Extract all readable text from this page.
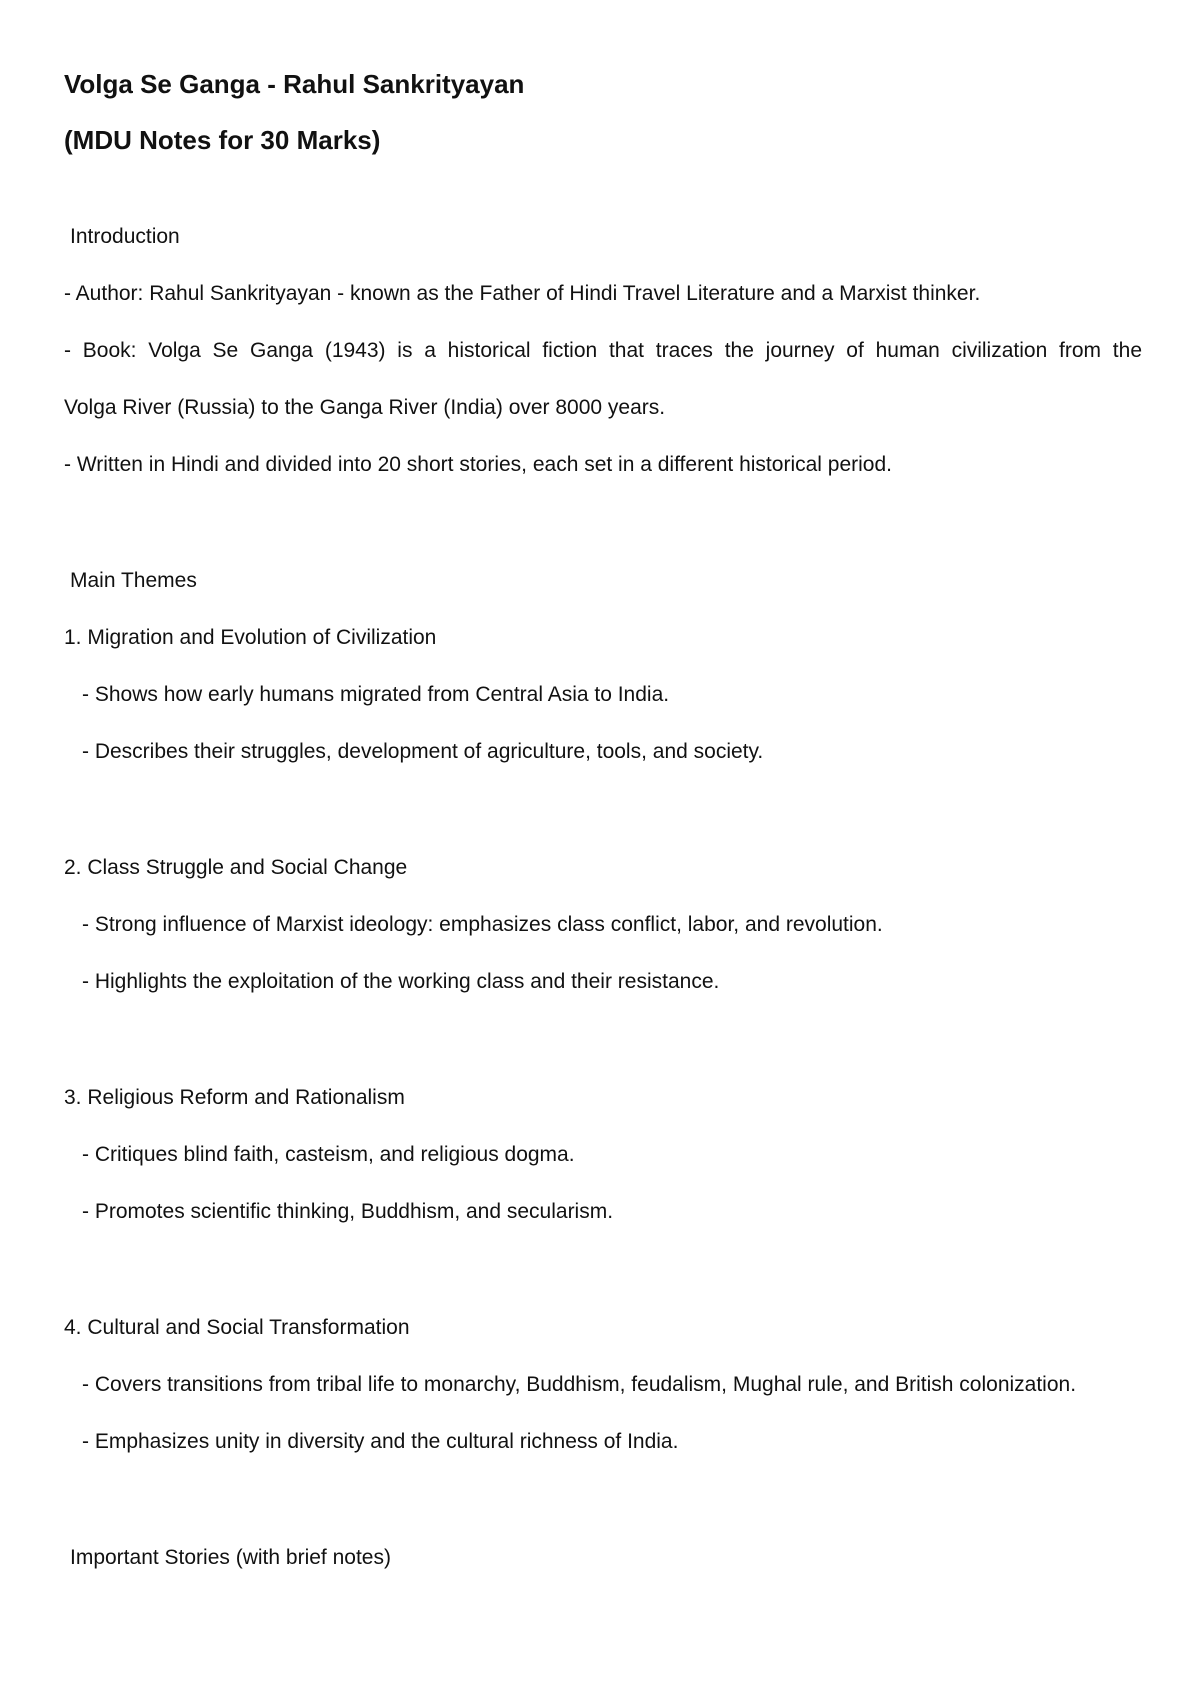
Volga Se Ganga - Rahul Sankrityayan
(MDU Notes for 30 Marks)
Introduction
- Author: Rahul Sankrityayan - known as the Father of Hindi Travel Literature and a Marxist thinker.
- Book: Volga Se Ganga (1943) is a historical fiction that traces the journey of human civilization from the
Volga River (Russia) to the Ganga River (India) over 8000 years.
- Written in Hindi and divided into 20 short stories, each set in a different historical period.
Main Themes
1. Migration and Evolution of Civilization
- Shows how early humans migrated from Central Asia to India.
- Describes their struggles, development of agriculture, tools, and society.
2. Class Struggle and Social Change
- Strong influence of Marxist ideology: emphasizes class conflict, labor, and revolution.
- Highlights the exploitation of the working class and their resistance.
3. Religious Reform and Rationalism
- Critiques blind faith, casteism, and religious dogma.
- Promotes scientific thinking, Buddhism, and secularism.
4. Cultural and Social Transformation
- Covers transitions from tribal life to monarchy, Buddhism, feudalism, Mughal rule, and British colonization.
- Emphasizes unity in diversity and the cultural richness of India.
Important Stories (with brief notes)
